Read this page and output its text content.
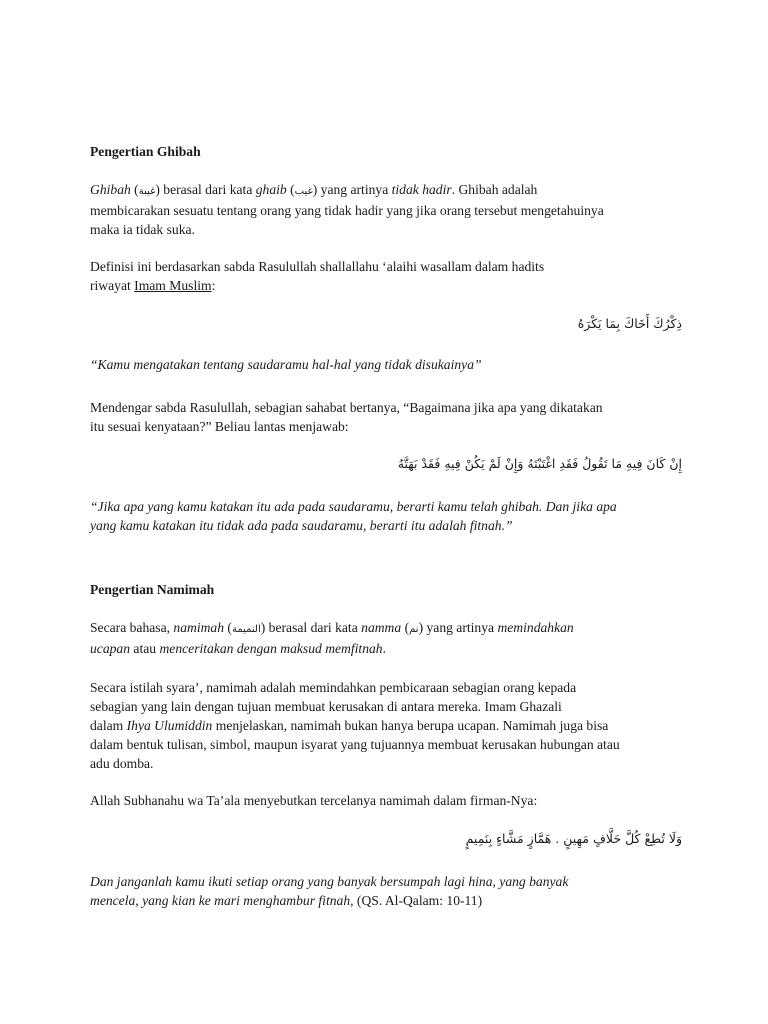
Pengertian Ghibah
Ghibah (غيبة) berasal dari kata ghaib (غيب) yang artinya tidak hadir. Ghibah adalah
membicarakan sesuatu tentang orang yang tidak hadir yang jika orang tersebut mengetahuinya
maka ia tidak suka.
Definisi ini berdasarkan sabda Rasulullah shallallahu ‘alaihi wasallam dalam hadits
riwayat Imam Muslim:
ذِكْرُكَ أَخَاكَ بِمَا يَكْرَهُ
“Kamu mengatakan tentang saudaramu hal-hal yang tidak disukainya”
Mendengar sabda Rasulullah, sebagian sahabat bertanya, “Bagaimana jika apa yang dikatakan
itu sesuai kenyataan?” Beliau lantas menjawab:
إِنْ كَانَ فِيهِ مَا تَقُولُ فَقَدِ اغْتَبْتَهُ وَإِنْ لَمْ يَكُنْ فِيهِ فَقَدْ بَهَتَّهُ
“Jika apa yang kamu katakan itu ada pada saudaramu, berarti kamu telah ghibah. Dan jika apa
yang kamu katakan itu tidak ada pada saudaramu, berarti itu adalah fitnah.”
Pengertian Namimah
Secara bahasa, namimah (النميمة) berasal dari kata namma (نم) yang artinya memindahkan
ucapan atau menceritakan dengan maksud memfitnah.
Secara istilah syara’, namimah adalah memindahkan pembicaraan sebagian orang kepada
sebagian yang lain dengan tujuan membuat kerusakan di antara mereka. Imam Ghazali
dalam Ihya Ulumiddin menjelaskan, namimah bukan hanya berupa ucapan. Namimah juga bisa
dalam bentuk tulisan, simbol, maupun isyarat yang tujuannya membuat kerusakan hubungan atau
adu domba.
Allah Subhanahu wa Ta’ala menyebutkan tercelanya namimah dalam firman-Nya:
وَلَا تُطِعْ كُلَّ حَلَّافٍ مَهِينٍ . هَمَّازٍ مَشَّاءٍ بِنَمِيمٍ
Dan janganlah kamu ikuti setiap orang yang banyak bersumpah lagi hina, yang banyak
mencela, yang kian ke mari menghambur fitnah, (QS. Al-Qalam: 10-11)
